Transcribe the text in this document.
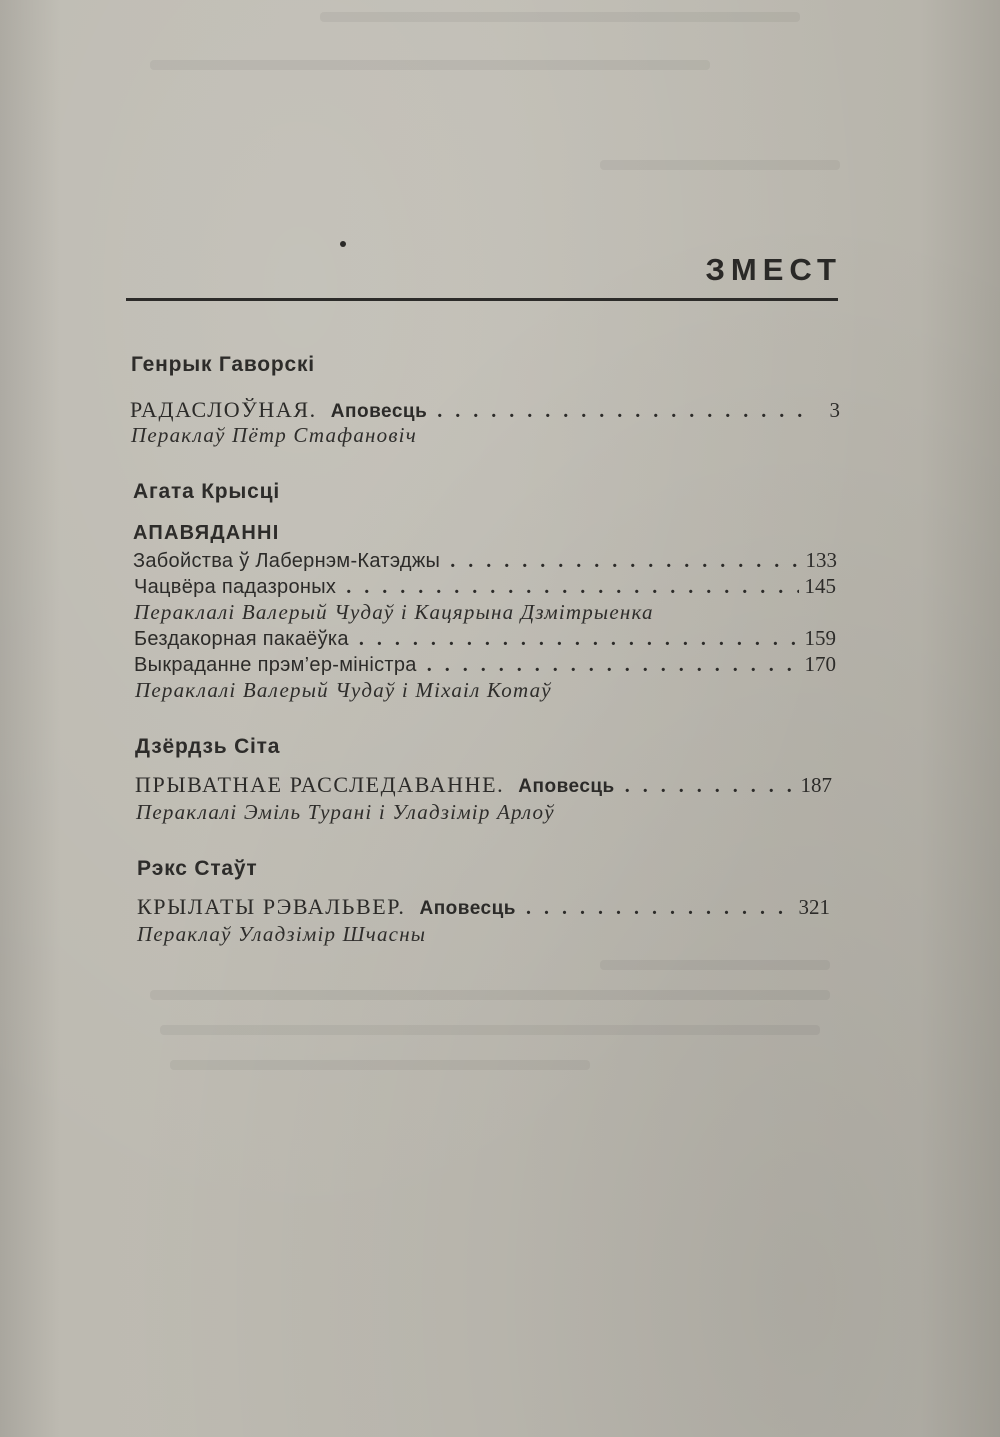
ЗМЕСТ
Генрык Гаворскі
РАДАСЛОЎНАЯ. Аповесць . . .	3

Пераклаў Пётр Стафановіч

Агата Крысці
АПАВЯДАННІ
Забойства ў Лабернэм-Катэджы . . .	133
Чацвёра падазроных . . .	145

Пераклалі Валерый Чудаў і Кацярына Дзмітрыенка

Бездакорная пакаёўка . . .	159
Выкраданне прэм’ер-міністра . . .	170

Пераклалі Валерый Чудаў і Міхаіл Котаў

Дзёрдзь Сіта
ПРЫВАТНАЕ РАССЛЕДАВАННЕ. Аповесць . . .	187

Пераклалі Эміль Турані і Уладзімір Арлоў

Рэкс Стаўт
КРЫЛАТЫ РЭВАЛЬВЕР. Аповесць . . .	321

Пераклаў Уладзімір Шчасны
